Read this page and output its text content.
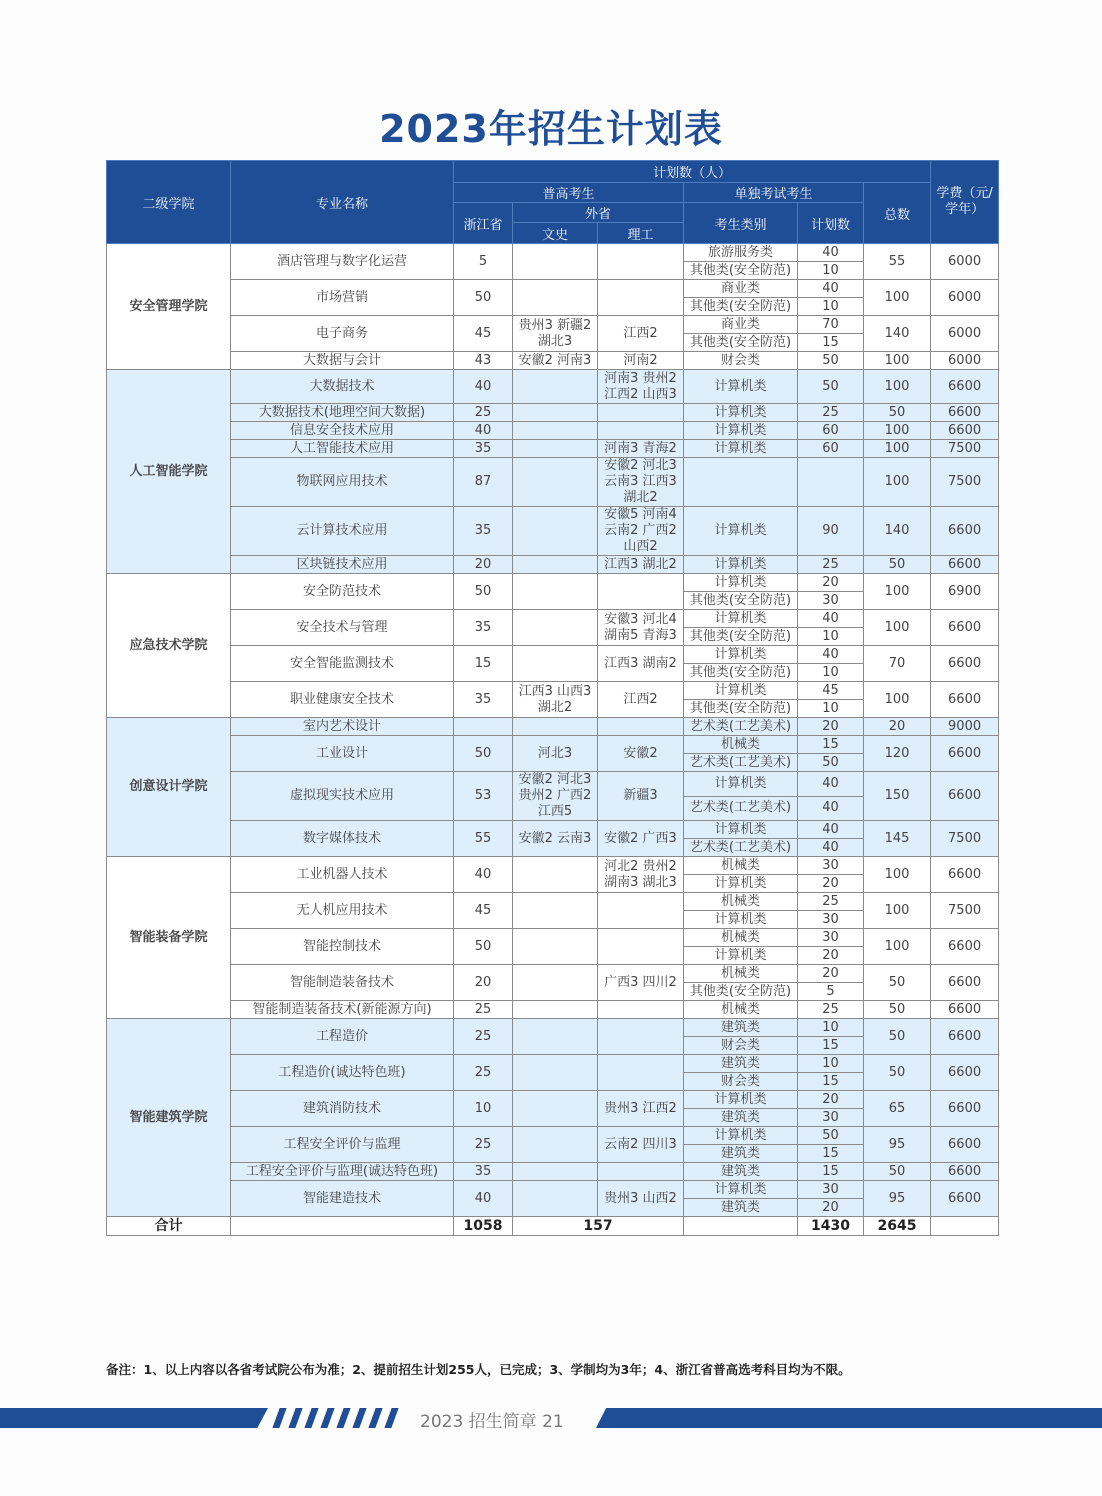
2023年招生计划表
二级学院	专业名称	计划数（人）						学费（元/学年）
		普高考生			单独考试考生		总数	
		浙江省	外省		考生类别	计划数		
			文史	理工				
安全管理学院	酒店管理与数字化运营	5			旅游服务类	40	55	6000
					其他类(安全防范)	10		
	市场营销	50			商业类	40	100	6000
					其他类(安全防范)	10		
	电子商务	45	贵州3 新疆2 湖北3	江西2	商业类	70	140	6000
					其他类(安全防范)	15		
	大数据与会计	43	安徽2 河南3	河南2	财会类	50	100	6000
人工智能学院	大数据技术	40		河南3 贵州2 江西2 山西3	计算机类	50	100	6600
	大数据技术(地理空间大数据)	25			计算机类	25	50	6600
	信息安全技术应用	40			计算机类	60	100	6600
	人工智能技术应用	35		河南3 青海2	计算机类	60	100	7500
	物联网应用技术	87		安徽2 河北3 云南3 江西3 湖北2			100	7500
	云计算技术应用	35		安徽5 河南4 云南2 广西2 山西2	计算机类	90	140	6600
	区块链技术应用	20		江西3 湖北2	计算机类	25	50	6600
应急技术学院	安全防范技术	50			计算机类	20	100	6900
					其他类(安全防范)	30		
	安全技术与管理	35		安徽3 河北4 湖南5 青海3	计算机类	40	100	6600
					其他类(安全防范)	10		
	安全智能监测技术	15		江西3 湖南2	计算机类	40	70	6600
					其他类(安全防范)	10		
	职业健康安全技术	35	江西3 山西3 湖北2	江西2	计算机类	45	100	6600
					其他类(安全防范)	10		
创意设计学院	室内艺术设计				艺术类(工艺美术)	20	20	9000
	工业设计	50	河北3	安徽2	机械类	15	120	6600
					艺术类(工艺美术)	50		
	虚拟现实技术应用	53	安徽2 河北3 贵州2 广西2 江西5	新疆3	计算机类	40	150	6600
					艺术类(工艺美术)	40		
	数字媒体技术	55	安徽2 云南3	安徽2 广西3	计算机类	40	145	7500
					艺术类(工艺美术)	40		
智能装备学院	工业机器人技术	40		河北2 贵州2 湖南3 湖北3	机械类	30	100	6600
					计算机类	20		
	无人机应用技术	45			机械类	25	100	7500
					计算机类	30		
	智能控制技术	50			机械类	30	100	6600
					计算机类	20		
	智能制造装备技术	20		广西3 四川2	机械类	20	50	6600
					其他类(安全防范)	5		
	智能制造装备技术(新能源方向)	25			机械类	25	50	6600
智能建筑学院	工程造价	25			建筑类	10	50	6600
					财会类	15		
	工程造价(诚达特色班)	25			建筑类	10	50	6600
					财会类	15		
	建筑消防技术	10		贵州3 江西2	计算机类	20	65	6600
					建筑类	30		
	工程安全评价与监理	25		云南2 四川3	计算机类	50	95	6600
					建筑类	15		
	工程安全评价与监理(诚达特色班)	35			建筑类	15	50	6600
	智能建造技术	40		贵州3 山西2	计算机类	30	95	6600
					建筑类	20		
合计		1058	157			1430	2645	
备注：1、以上内容以各省考试院公布为准；2、提前招生计划255人，已完成；3、学制均为3年；4、浙江省普高选考科目均为不限。
2023 招生简章 21
